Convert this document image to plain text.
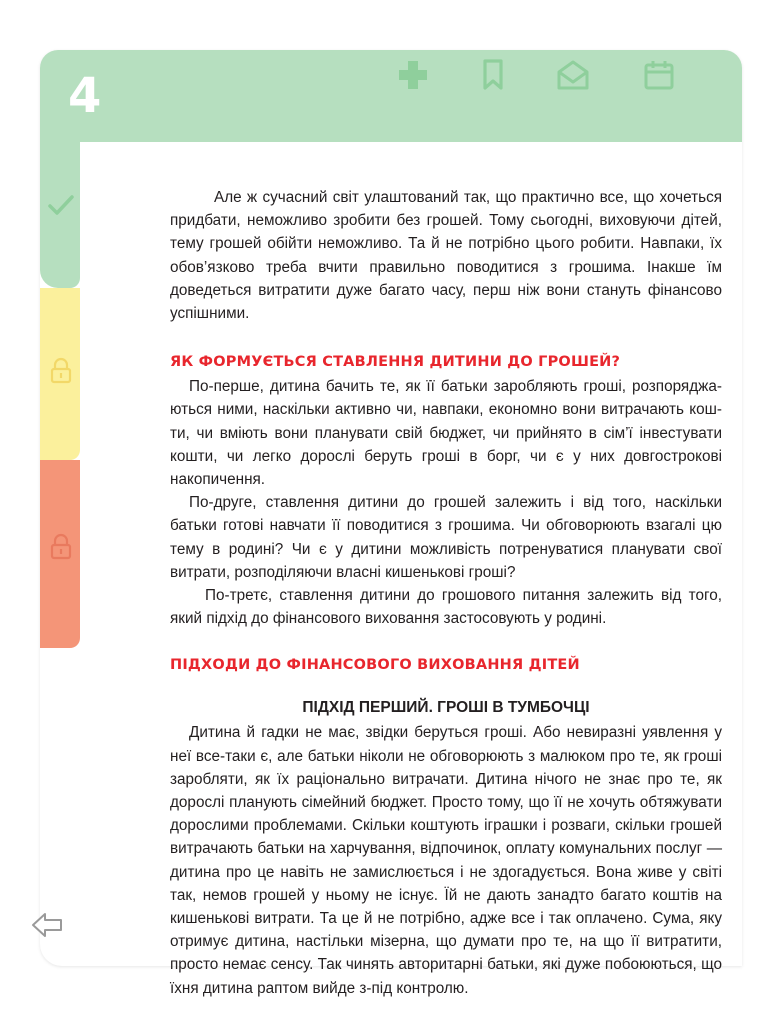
4

Але ж сучасний світ улаштований так, що практично все, що хочеться придбати, неможливо зробити без грошей. Тому сьогодні, виховуючи дітей, тему грошей обійти неможливо. Та й не потрібно цього робити. Навпаки, їх обов’язково треба вчити правильно поводитися з грошима. Інакше їм доведеться витратити дуже багато часу, перш ніж вони стануть фінансово успішними.

ЯК ФОРМУЄТЬСЯ СТАВЛЕННЯ ДИТИНИ ДО ГРОШЕЙ?

По-перше, дитина бачить те, як її батьки заробляють гроші, розпоряджаються ними, наскільки активно чи, навпаки, економно вони витрачають кошти, чи вміють вони планувати свій бюджет, чи прийнято в сім’ї інвестувати кошти, чи легко дорослі беруть гроші в борг, чи є у них довгострокові накопичення.

По-друге, ставлення дитини до грошей залежить і від того, наскільки батьки готові навчати її поводитися з грошима. Чи обговорюють взагалі цю тему в родині? Чи є у дитини можливість потренуватися планувати свої витрати, розподіляючи власні кишенькові гроші?

По-третє, ставлення дитини до грошового питання залежить від того, який підхід до фінансового виховання застосовують у родині.

ПІДХОДИ ДО ФІНАНСОВОГО ВИХОВАННЯ ДІТЕЙ
ПІДХІД ПЕРШИЙ. ГРОШІ В ТУМБОЧЦІ

Дитина й гадки не має, звідки беруться гроші. Або невиразні уявлення у неї все-таки є, але батьки ніколи не обговорюють з малюком про те, як гроші заробляти, як їх раціонально витрачати. Дитина нічого не знає про те, як дорослі планують сімейний бюджет. Просто тому, що її не хочуть обтяжувати дорослими проблемами. Скільки коштують іграшки і розваги, скільки грошей витрачають батьки на харчування, відпочинок, оплату комунальних послуг — дитина про це навіть не замислюється і не здогадується. Вона живе у світі так, немов грошей у ньому не існує. Їй не дають занадто багато коштів на кишенькові витрати. Та це й не потрібно, адже все і так оплачено. Сума, яку отримує дитина, настільки мізерна, що думати про те, на що її витратити, просто немає сенсу. Так чинять авторитарні батьки, які дуже побоюються, що їхня дитина раптом вийде з-під контролю.
